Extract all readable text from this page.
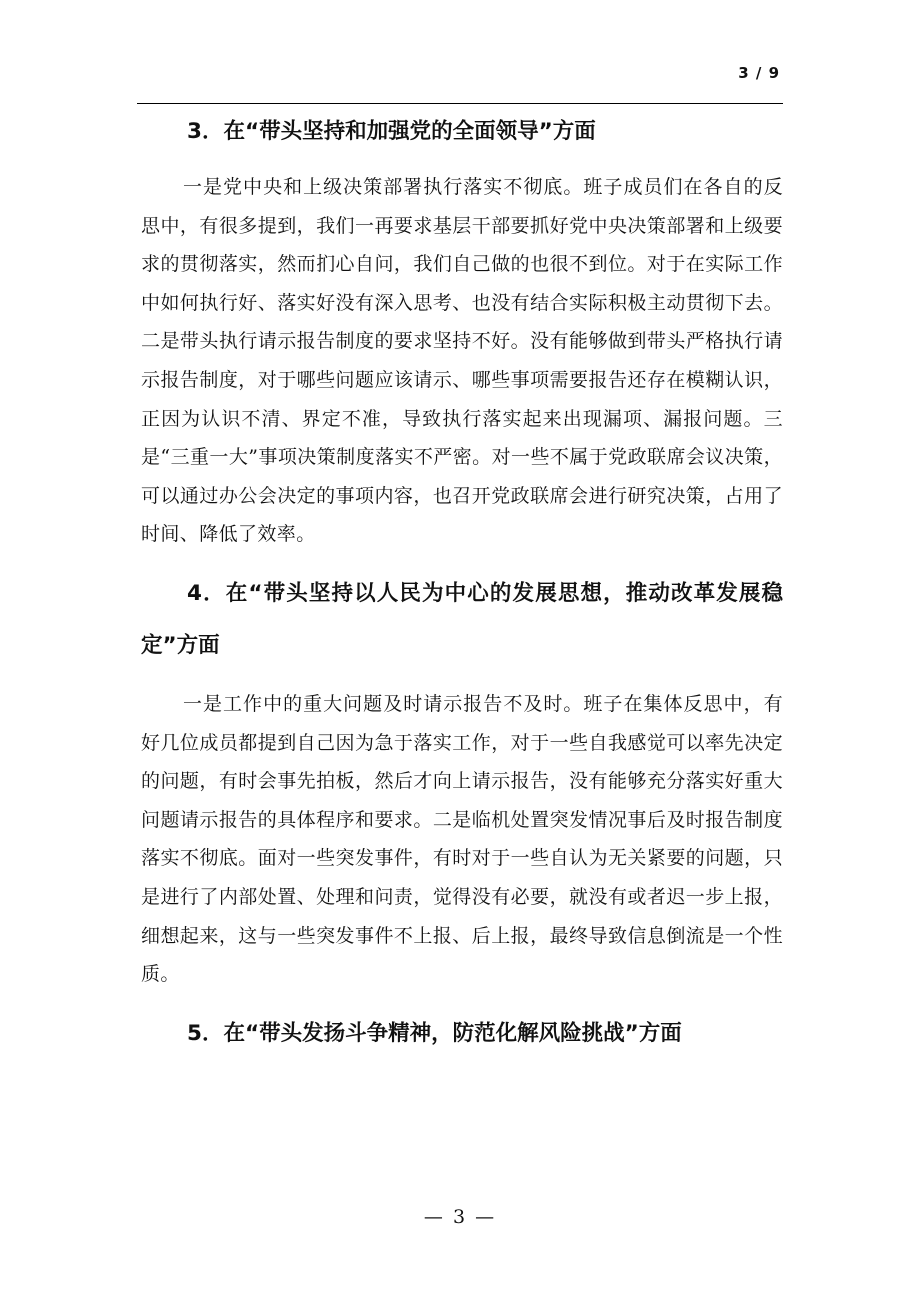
3 / 9
3．在“带头坚持和加强党的全面领导”方面

一是党中央和上级决策部署执行落实不彻底。班子成员们在各自的反思中，有很多提到，我们一再要求基层干部要抓好党中央决策部署和上级要求的贯彻落实，然而扪心自问，我们自己做的也很不到位。对于在实际工作中如何执行好、落实好没有深入思考、也没有结合实际积极主动贯彻下去。二是带头执行请示报告制度的要求坚持不好。没有能够做到带头严格执行请示报告制度，对于哪些问题应该请示、哪些事项需要报告还存在模糊认识，正因为认识不清、界定不准，导致执行落实起来出现漏项、漏报问题。三是“三重一大”事项决策制度落实不严密。对一些不属于党政联席会议决策，可以通过办公会决定的事项内容，也召开党政联席会进行研究决策，占用了时间、降低了效率。

4．在“带头坚持以人民为中心的发展思想，推动改革发展稳定”方面

一是工作中的重大问题及时请示报告不及时。班子在集体反思中，有好几位成员都提到自己因为急于落实工作，对于一些自我感觉可以率先决定的问题，有时会事先拍板，然后才向上请示报告，没有能够充分落实好重大问题请示报告的具体程序和要求。二是临机处置突发情况事后及时报告制度落实不彻底。面对一些突发事件，有时对于一些自认为无关紧要的问题，只是进行了内部处置、处理和问责，觉得没有必要，就没有或者迟一步上报，细想起来，这与一些突发事件不上报、后上报，最终导致信息倒流是一个性质。

5．在“带头发扬斗争精神，防范化解风险挑战”方面
— 3 —
